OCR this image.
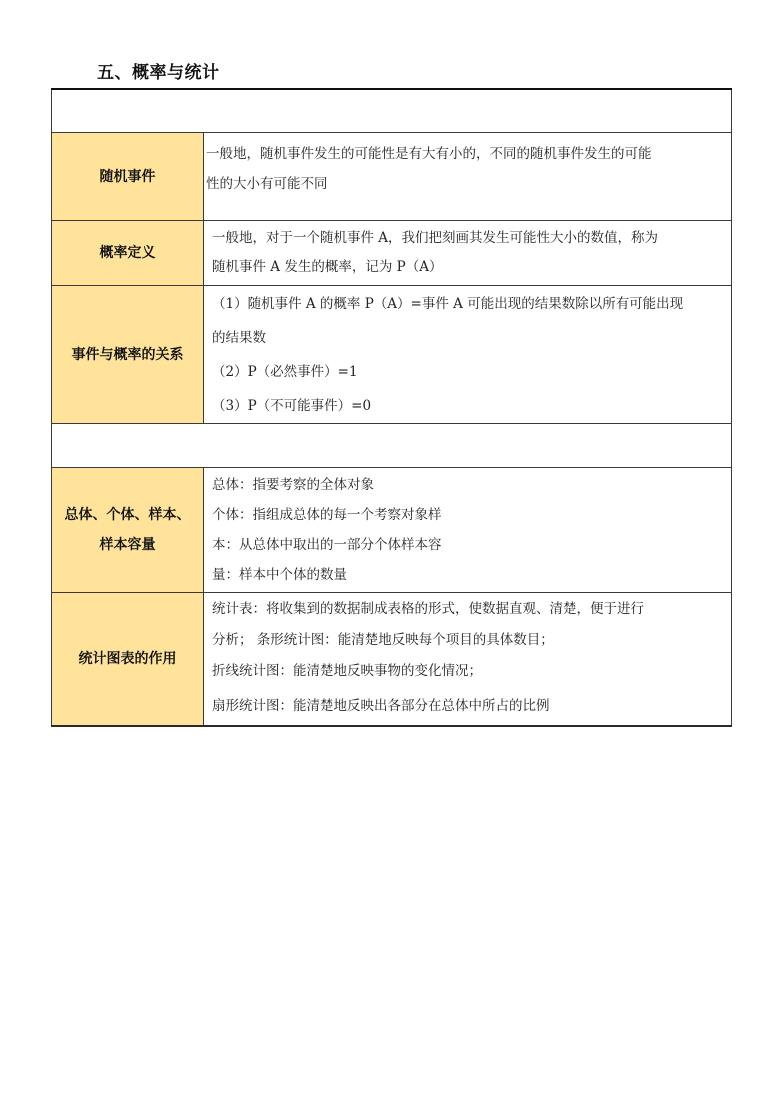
五、概率与统计

随机事件	一般地，随机事件发生的可能性是有大有小的，不同的随机事件发生的可能
性的大小有可能不同

概率定义	一般地，对于一个随机事件 A，我们把刻画其发生可能性大小的数值，称为
随机事件 A 发生的概率，记为 P（A）

事件与概率的关系	（1）随机事件 A 的概率 P（A）=事件 A 可能出现的结果数除以所有可能出现
的结果数
（2）P（必然事件）=1
（3）P（不可能事件）=0

总体、个体、样本、
样本容量	总体：指要考察的全体对象
个体：指组成总体的每一个考察对象样
本：从总体中取出的一部分个体样本容
量：样本中个体的数量

统计图表的作用	统计表：将收集到的数据制成表格的形式，使数据直观、清楚，便于进行
分析； 条形统计图：能清楚地反映每个项目的具体数目；
折线统计图：能清楚地反映事物的变化情况；
扇形统计图：能清楚地反映出各部分在总体中所占的比例
